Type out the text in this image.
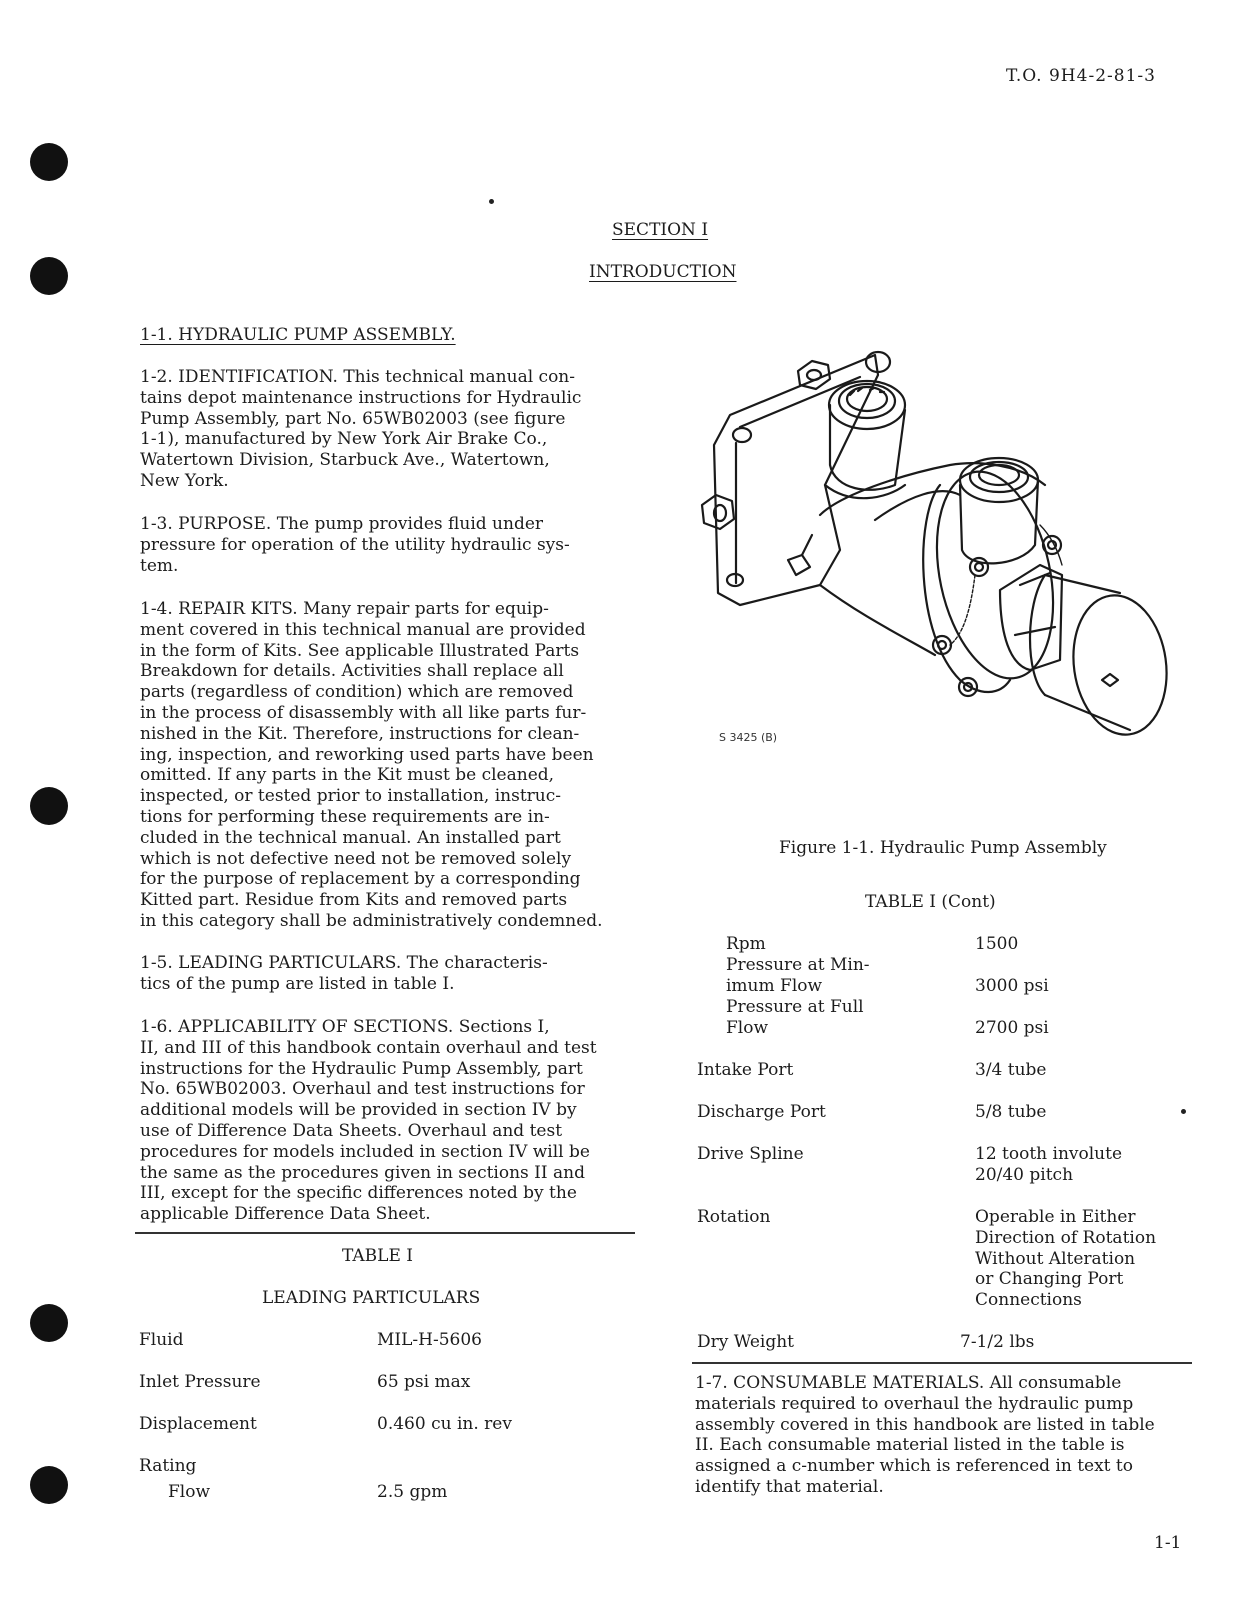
T.O. 9H4-2-81-3
SECTION I
INTRODUCTION
1-1. HYDRAULIC PUMP ASSEMBLY.
1-2. IDENTIFICATION. This technical manual con-
tains depot maintenance instructions for Hydraulic
Pump Assembly, part No. 65WB02003 (see figure
1-1), manufactured by New York Air Brake Co.,
Watertown Division, Starbuck Ave., Watertown,
New York.
1-3. PURPOSE. The pump provides fluid under
pressure for operation of the utility hydraulic sys-
tem.
1-4. REPAIR KITS. Many repair parts for equip-
ment covered in this technical manual are provided
in the form of Kits. See applicable Illustrated Parts
Breakdown for details. Activities shall replace all
parts (regardless of condition) which are removed
in the process of disassembly with all like parts fur-
nished in the Kit. Therefore, instructions for clean-
ing, inspection, and reworking used parts have been
omitted. If any parts in the Kit must be cleaned,
inspected, or tested prior to installation, instruc-
tions for performing these requirements are in-
cluded in the technical manual. An installed part
which is not defective need not be removed solely
for the purpose of replacement by a corresponding
Kitted part. Residue from Kits and removed parts
in this category shall be administratively condemned.
1-5. LEADING PARTICULARS. The characteris-
tics of the pump are listed in table I.
1-6. APPLICABILITY OF SECTIONS. Sections I,
II, and III of this handbook contain overhaul and test
instructions for the Hydraulic Pump Assembly, part
No. 65WB02003. Overhaul and test instructions for
additional models will be provided in section IV by
use of Difference Data Sheets. Overhaul and test
procedures for models included in section IV will be
the same as the procedures given in sections II and
III, except for the specific differences noted by the
applicable Difference Data Sheet.
TABLE I
LEADING PARTICULARS
Fluid	MIL-H-5606
Inlet Pressure	65 psi max
Displacement	0.460 cu in. rev
Rating
Flow	2.5 gpm
S 3425 (B)
Figure 1-1. Hydraulic Pump Assembly
TABLE I (Cont)
Rpm	1500
Pressure at Min-
imum Flow	3000 psi
Pressure at Full
Flow	2700 psi
Intake Port	3/4 tube
Discharge Port	5/8 tube
Drive Spline	12 tooth involute
20/40 pitch
Rotation	Operable in Either
Direction of Rotation
Without Alteration
or Changing Port
Connections
Dry Weight	7-1/2 lbs
1-7. CONSUMABLE MATERIALS. All consumable
materials required to overhaul the hydraulic pump
assembly covered in this handbook are listed in table
II. Each consumable material listed in the table is
assigned a c-number which is referenced in text to
identify that material.
1-1
